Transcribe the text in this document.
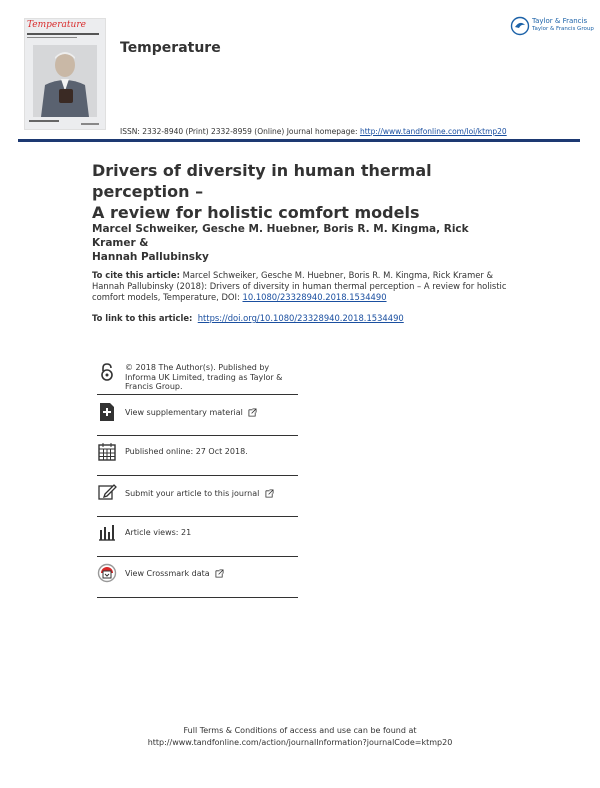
Temperature
Temperature
Taylor & Francis
Taylor & Francis Group
ISSN: 2332-8940 (Print) 2332-8959 (Online) Journal homepage: http://www.tandfonline.com/loi/ktmp20
Drivers of diversity in human thermal perception –
A review for holistic comfort models
Marcel Schweiker, Gesche M. Huebner, Boris R. M. Kingma, Rick Kramer &
Hannah Pallubinsky
To cite this article: Marcel Schweiker, Gesche M. Huebner, Boris R. M. Kingma, Rick Kramer & Hannah Pallubinsky (2018): Drivers of diversity in human thermal perception – A review for holistic comfort models, Temperature, DOI: 10.1080/23328940.2018.1534490
To link to this article: https://doi.org/10.1080/23328940.2018.1534490
© 2018 The Author(s). Published by Informa UK Limited, trading as Taylor & Francis Group.
View supplementary material
Published online: 27 Oct 2018.
Submit your article to this journal
Article views: 21
View Crossmark data
Full Terms & Conditions of access and use can be found at
http://www.tandfonline.com/action/journalInformation?journalCode=ktmp20
